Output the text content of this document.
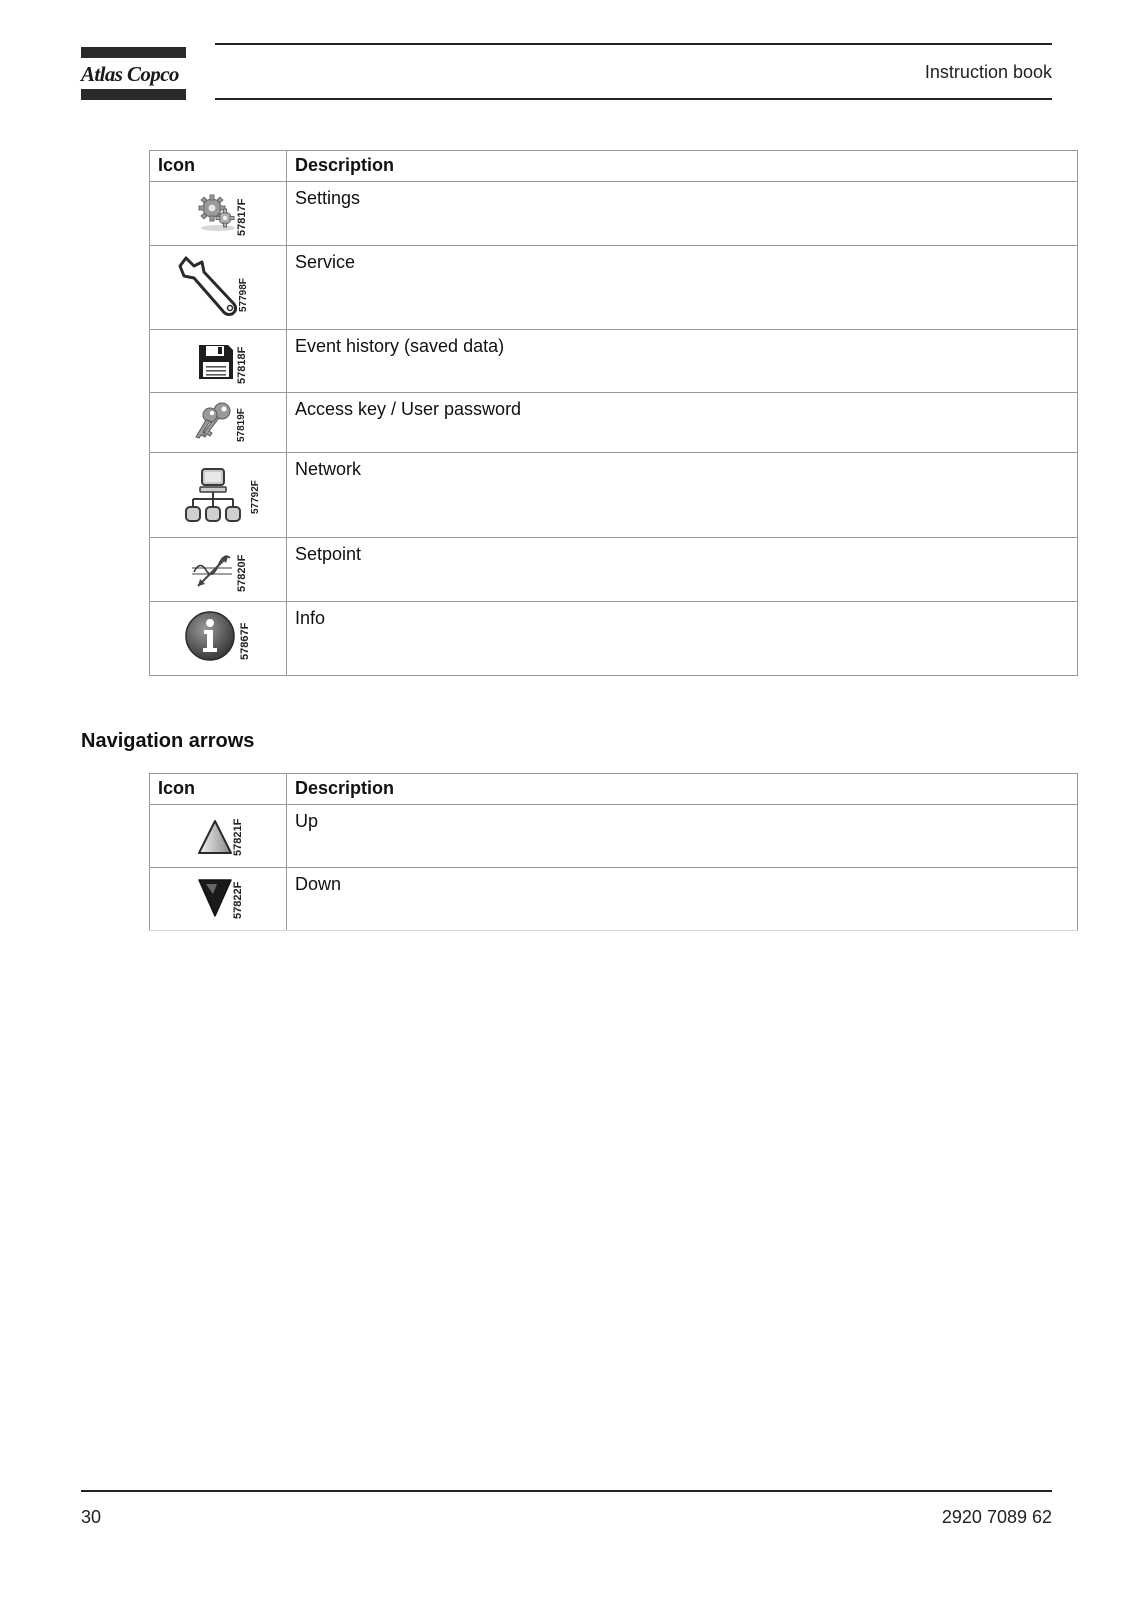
Atlas Copco	Instruction book
Icon	Description

57817F	Settings

57798F	Service

57818F	Event history (saved data)

57819F	Access key / User password

57792F	Network

57820F	Setpoint

57867F	Info
Navigation arrows
Icon	Description

57821F	Up

57822F	Down
30	2920 7089 62
